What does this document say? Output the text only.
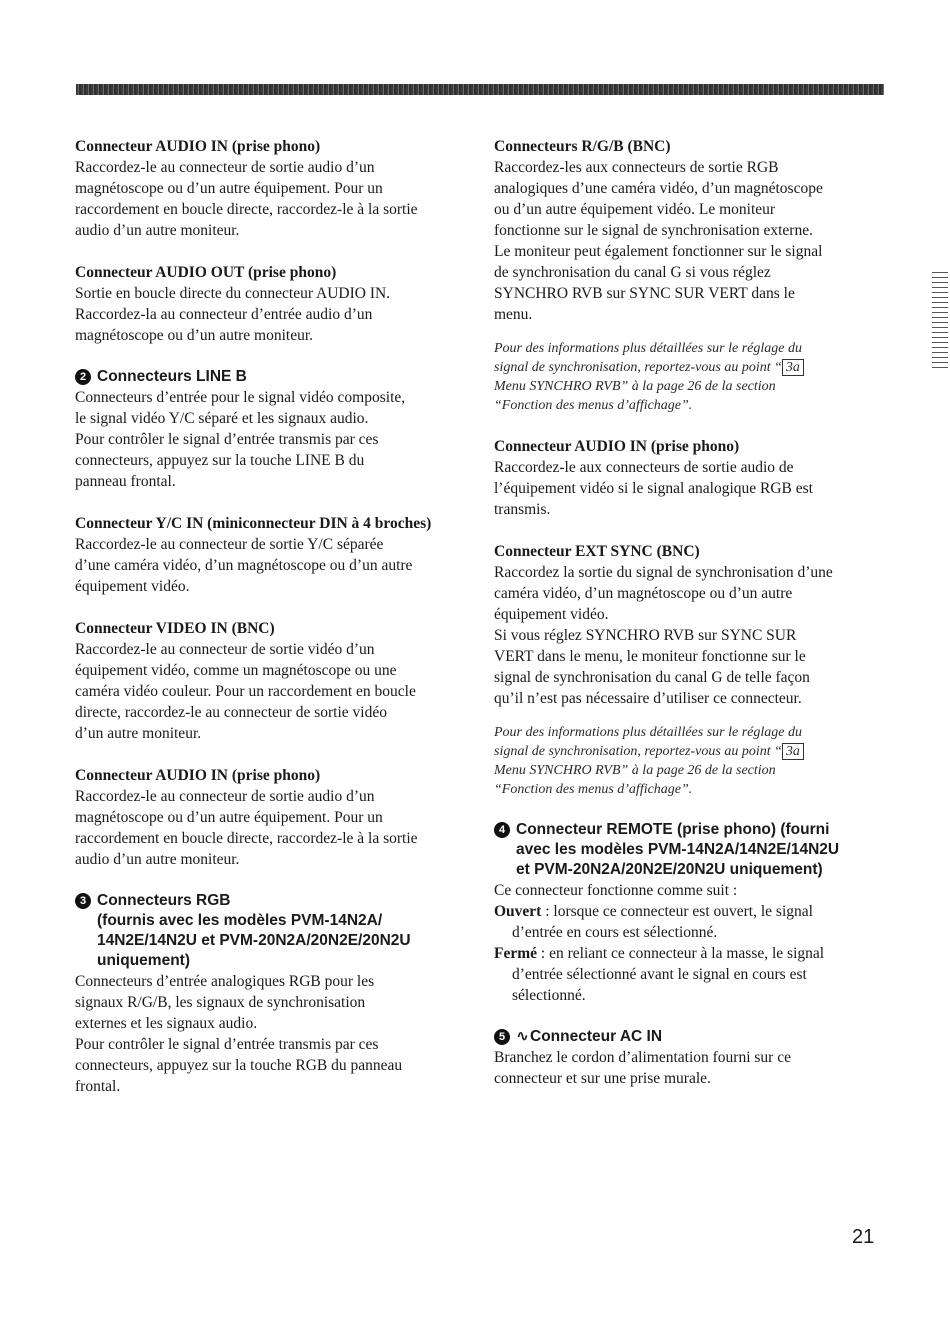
Connecteur AUDIO IN (prise phono)

Raccordez-le au connecteur de sortie audio d’un
magnétoscope ou d’un autre équipement. Pour un
raccordement en boucle directe, raccordez-le à la sortie
audio d’un autre moniteur.

Connecteur AUDIO OUT (prise phono)

Sortie en boucle directe du connecteur AUDIO IN.
Raccordez-la au connecteur d’entrée audio d’un
magnétoscope ou d’un autre moniteur.

2 Connecteurs LINE B

Connecteurs d’entrée pour le signal vidéo composite,
le signal vidéo Y/C séparé et les signaux audio.
Pour contrôler le signal d’entrée transmis par ces
connecteurs, appuyez sur la touche LINE B du
panneau frontal.

Connecteur Y/C IN (miniconnecteur DIN à 4 broches)

Raccordez-le au connecteur de sortie Y/C séparée
d’une caméra vidéo, d’un magnétoscope ou d’un autre
équipement vidéo.

Connecteur VIDEO IN (BNC)

Raccordez-le au connecteur de sortie vidéo d’un
équipement vidéo, comme un magnétoscope ou une
caméra vidéo couleur. Pour un raccordement en boucle
directe, raccordez-le au connecteur de sortie vidéo
d’un autre moniteur.

Connecteur AUDIO IN (prise phono)

Raccordez-le au connecteur de sortie audio d’un
magnétoscope ou d’un autre équipement. Pour un
raccordement en boucle directe, raccordez-le à la sortie
audio d’un autre moniteur.

3 Connecteurs RGB
(fournis avec les modèles PVM-14N2A/
14N2E/14N2U et PVM-20N2A/20N2E/20N2U
uniquement)

Connecteurs d’entrée analogiques RGB pour les
signaux R/G/B, les signaux de synchronisation
externes et les signaux audio.
Pour contrôler le signal d’entrée transmis par ces
connecteurs, appuyez sur la touche RGB du panneau
frontal.

Connecteurs R/G/B (BNC)

Raccordez-les aux connecteurs de sortie RGB
analogiques d’une caméra vidéo, d’un magnétoscope
ou d’un autre équipement vidéo. Le moniteur
fonctionne sur le signal de synchronisation externe.
Le moniteur peut également fonctionner sur le signal
de synchronisation du canal G si vous réglez
SYNCHRO RVB sur SYNC SUR VERT dans le
menu.

Pour des informations plus détaillées sur le réglage du
signal de synchronisation, reportez-vous au point “ 3a
Menu SYNCHRO RVB” à la page 26 de la section
“Fonction des menus d’affichage”.

Connecteur AUDIO IN (prise phono)

Raccordez-le aux connecteurs de sortie audio de
l’équipement vidéo si le signal analogique RGB est
transmis.

Connecteur EXT SYNC (BNC)

Raccordez la sortie du signal de synchronisation d’une
caméra vidéo, d’un magnétoscope ou d’un autre
équipement vidéo.
Si vous réglez SYNCHRO RVB sur SYNC SUR
VERT dans le menu, le moniteur fonctionne sur le
signal de synchronisation du canal G de telle façon
qu’il n’est pas nécessaire d’utiliser ce connecteur.

Pour des informations plus détaillées sur le réglage du
signal de synchronisation, reportez-vous au point “ 3a
Menu SYNCHRO RVB” à la page 26 de la section
“Fonction des menus d’affichage”.

4 Connecteur REMOTE (prise phono) (fourni
avec les modèles PVM-14N2A/14N2E/14N2U
et PVM-20N2A/20N2E/20N2U uniquement)

Ce connecteur fonctionne comme suit :

Ouvert : lorsque ce connecteur est ouvert, le signal
d’entrée en cours est sélectionné.

Fermé : en reliant ce connecteur à la masse, le signal
d’entrée sélectionné avant le signal en cours est
sélectionné.

5 ∿Connecteur AC IN

Branchez le cordon d’alimentation fourni sur ce
connecteur et sur une prise murale.

21
